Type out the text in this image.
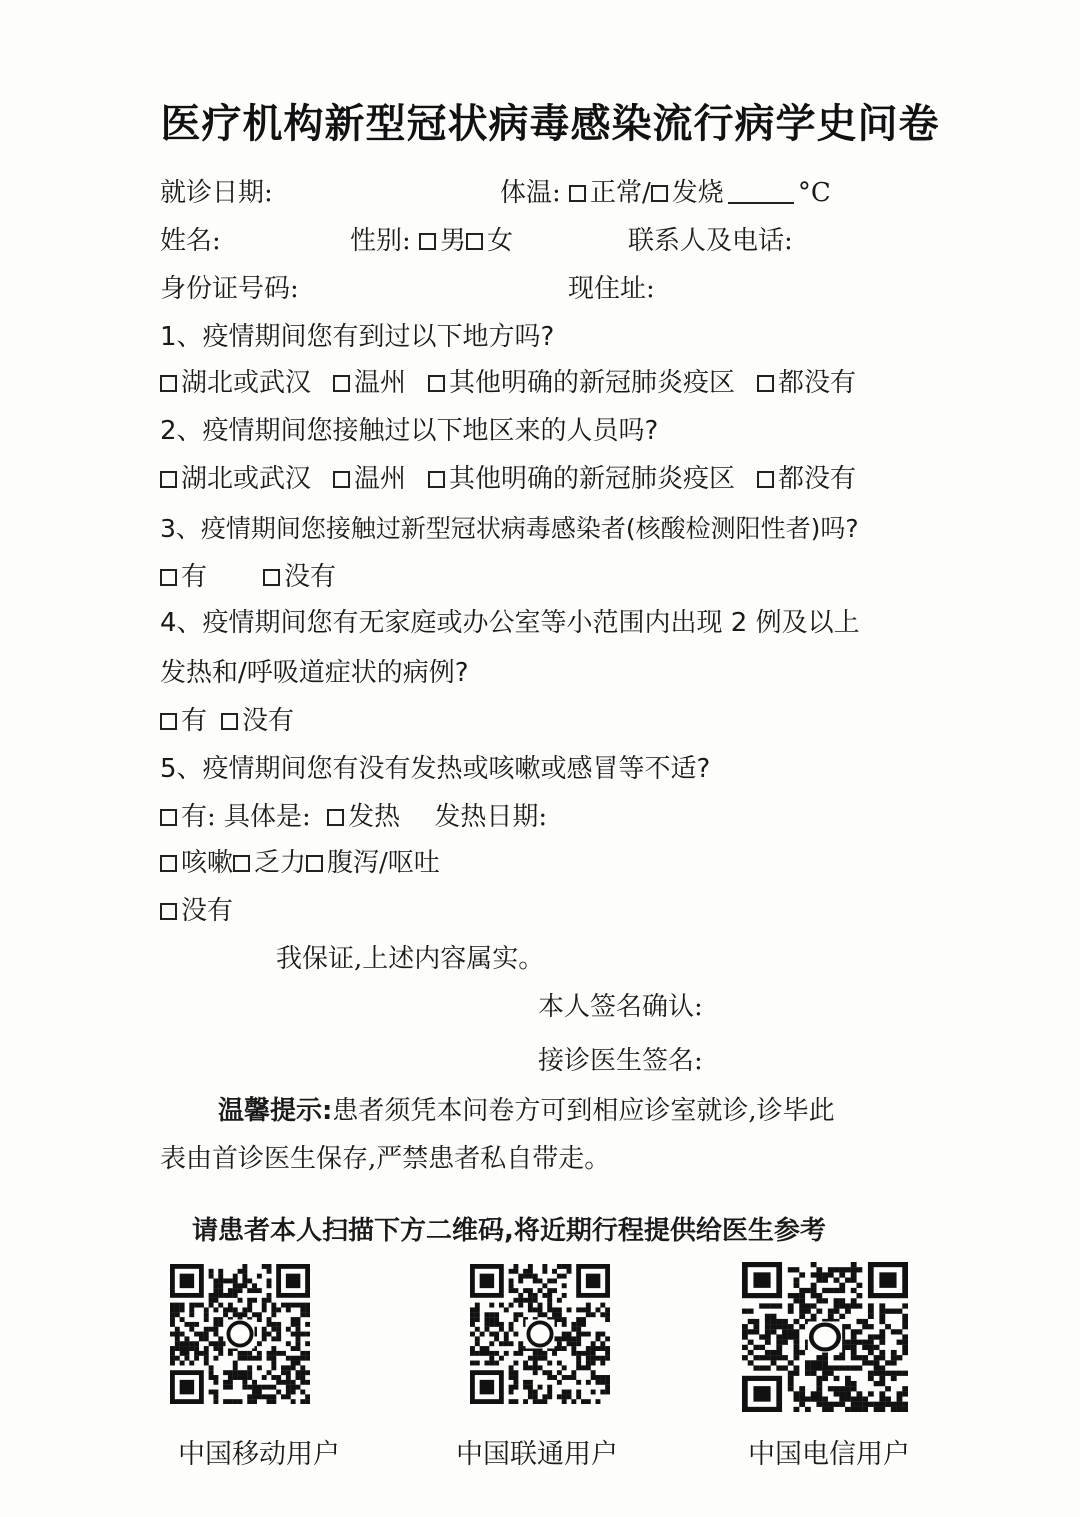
医疗机构新型冠状病毒感染流行病学史问卷
就诊日期:	体温: 正常/ 发烧	°C
姓名:	性别: 男 女	联系人及电话:
身份证号码:	现住址:
1、疫情期间您有到过以下地方吗?
湖北或武汉 温州 其他明确的新冠肺炎疫区 都没有
2、疫情期间您接触过以下地区来的人员吗?
湖北或武汉 温州 其他明确的新冠肺炎疫区 都没有
3、疫情期间您接触过新型冠状病毒感染者(核酸检测阳性者)吗?
有	没有
4、疫情期间您有无家庭或办公室等小范围内出现 2 例及以上
发热和/呼吸道症状的病例?
有 没有
5、疫情期间您有没有发热或咳嗽或感冒等不适?
有: 具体是: 发热 发热日期:
咳嗽 乏力 腹泻/呕吐
没有
我保证,上述内容属实。
本人签名确认:
接诊医生签名:
温馨提示:患者须凭本问卷方可到相应诊室就诊,诊毕此
表由首诊医生保存,严禁患者私自带走。
请患者本人扫描下方二维码,将近期行程提供给医生参考
中国移动用户	中国联通用户	中国电信用户
